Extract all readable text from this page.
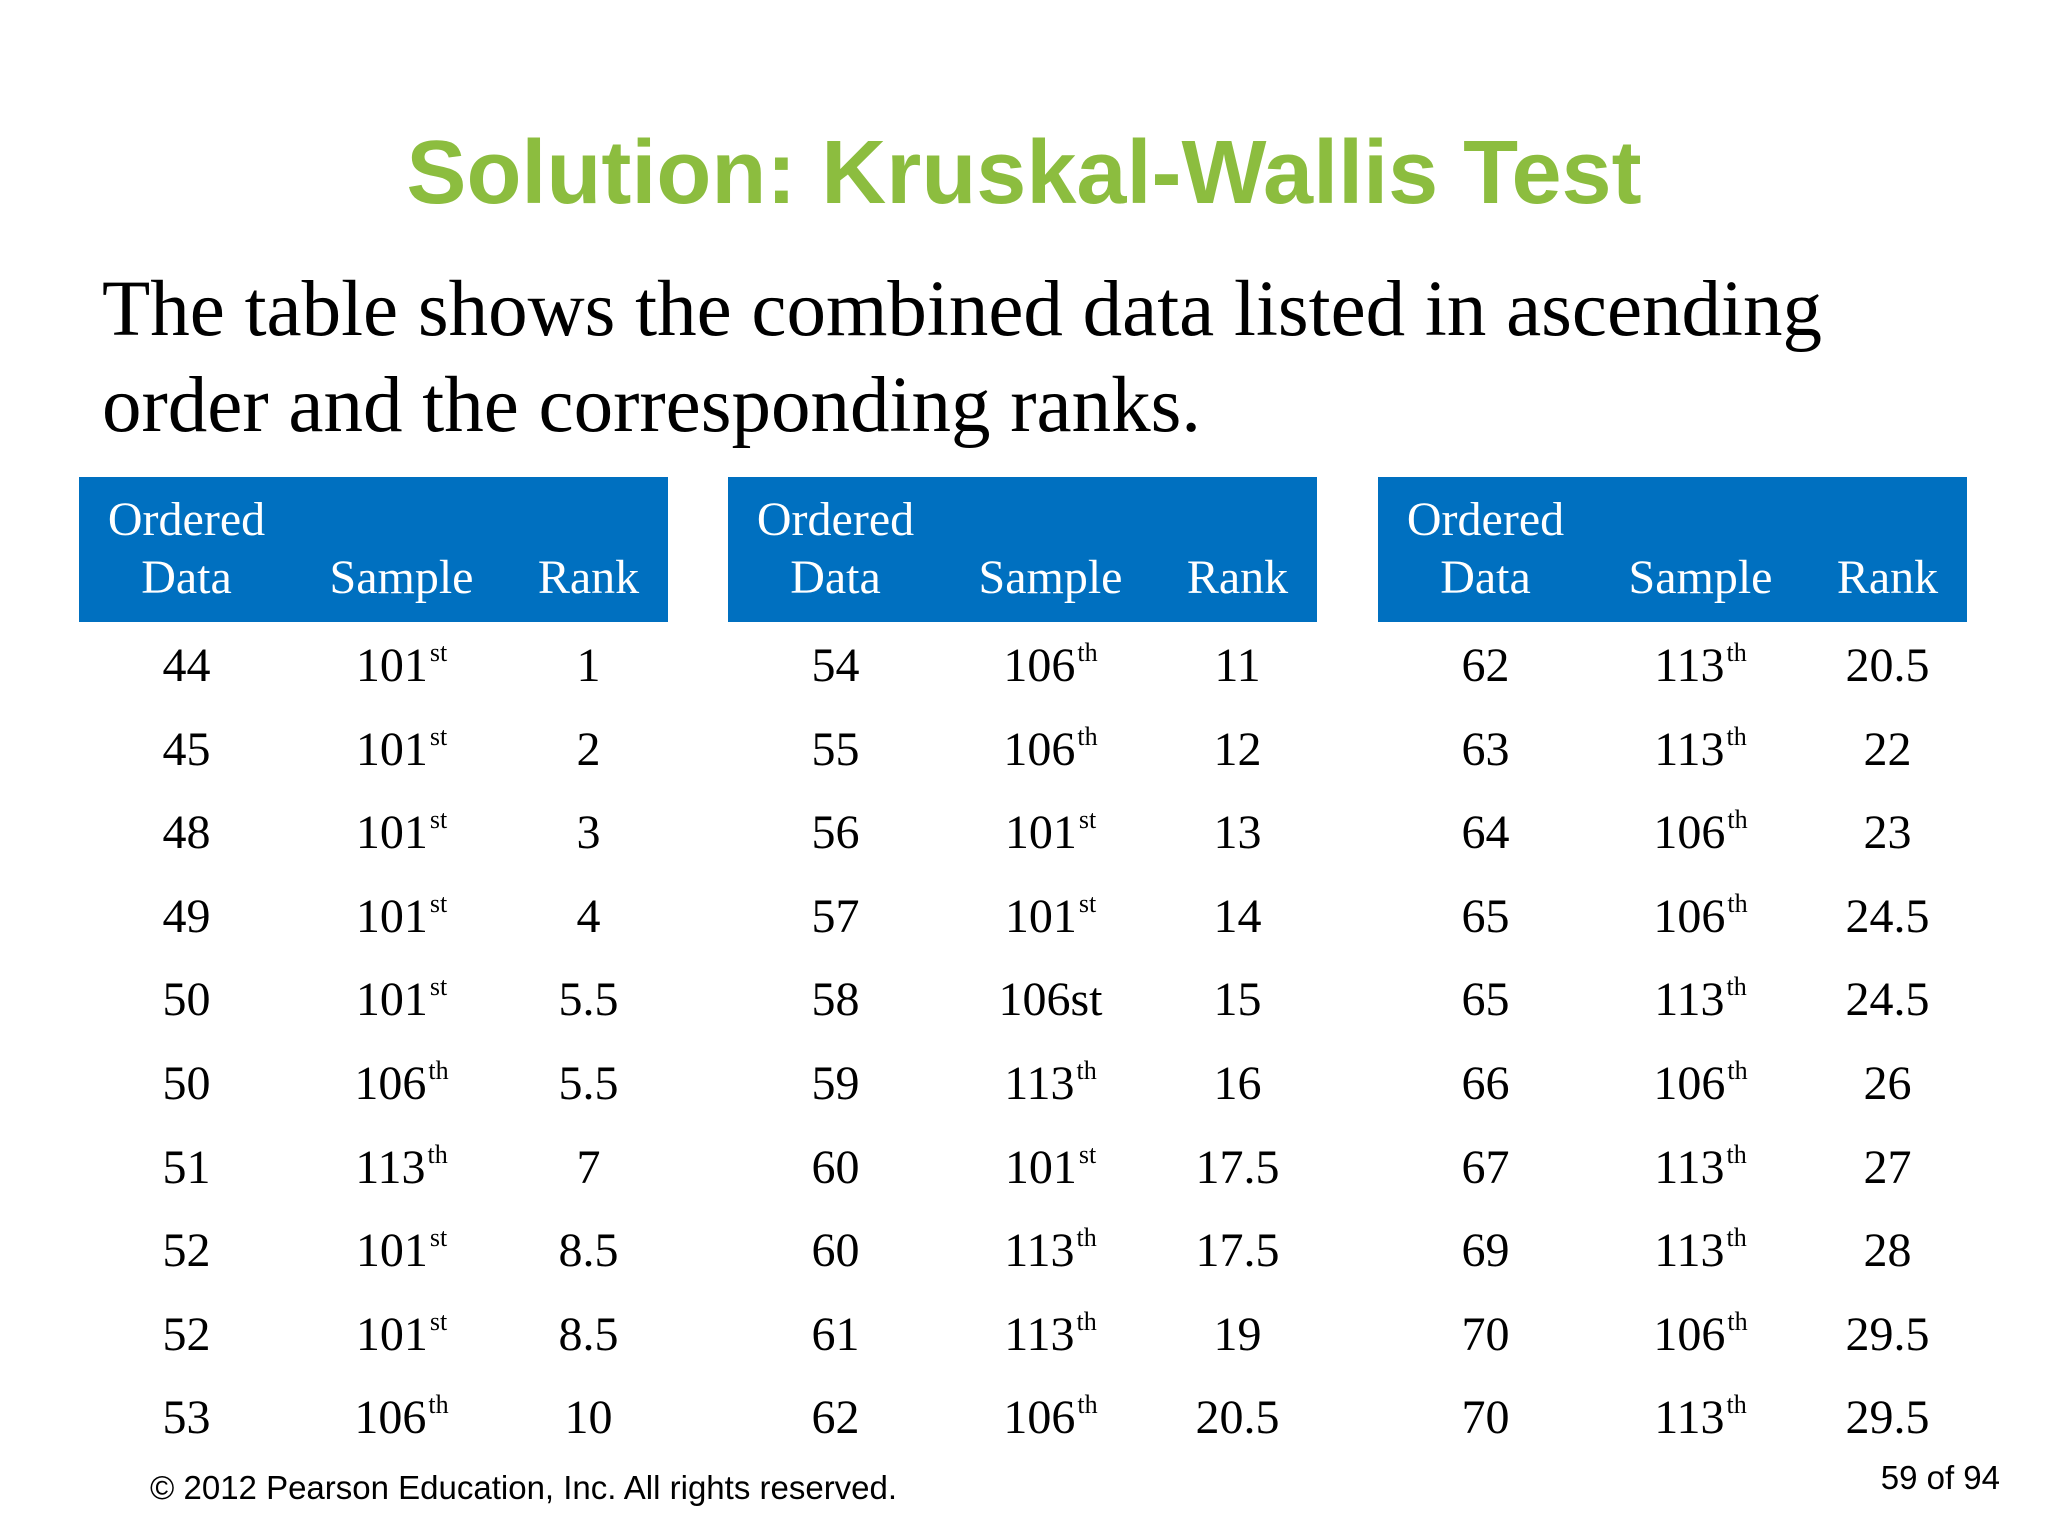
Solution: Kruskal-Wallis Test
The table shows the combined data listed in ascending order and the corresponding ranks.
Ordered
Data	Sample	Rank
44	101st	1
45	101st	2
48	101st	3
49	101st	4
50	101st	5.5
50	106th	5.5
51	113th	7
52	101st	8.5
52	101st	8.5
53	106th	10
Ordered
Data	Sample	Rank
54	106th	11
55	106th	12
56	101st	13
57	101st	14
58	106st	15
59	113th	16
60	101st	17.5
60	113th	17.5
61	113th	19
62	106th	20.5
Ordered
Data	Sample	Rank
62	113th	20.5
63	113th	22
64	106th	23
65	106th	24.5
65	113th	24.5
66	106th	26
67	113th	27
69	113th	28
70	106th	29.5
70	113th	29.5
© 2012 Pearson Education, Inc. All rights reserved.	59 of 94
